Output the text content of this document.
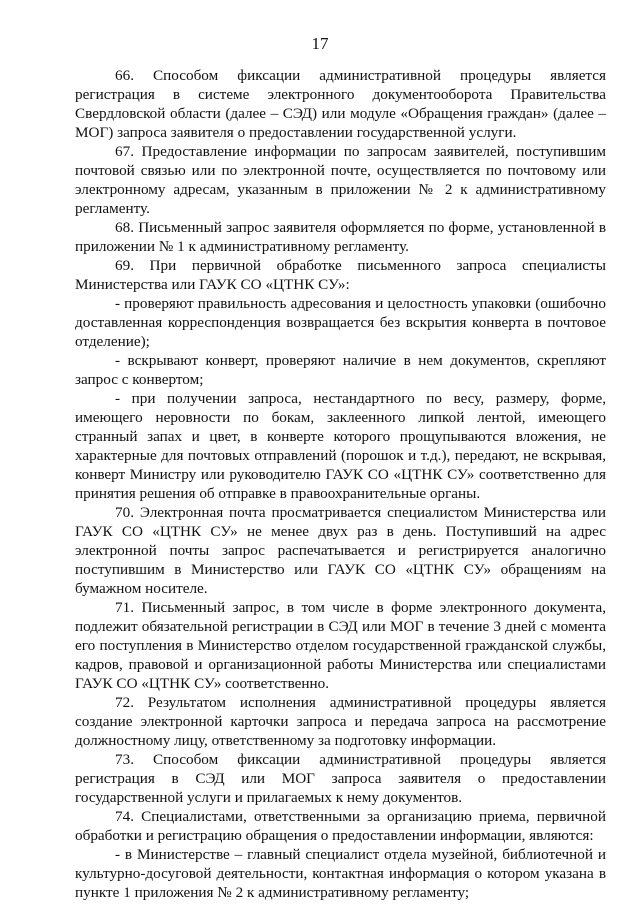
17

66. Способом фиксации административной процедуры является регистрация в системе электронного документооборота Правительства Свердловской области (далее – СЭД) или модуле «Обращения граждан» (далее – МОГ) запроса заявителя о предоставлении государственной услуги.

67. Предоставление информации по запросам заявителей, поступившим почтовой связью или по электронной почте, осуществляется по почтовому или электронному адресам, указанным в приложении № 2 к административному регламенту.

68. Письменный запрос заявителя оформляется по форме, установленной в приложении № 1 к административному регламенту.

69. При первичной обработке письменного запроса специалисты Министерства или ГАУК СО «ЦТНК СУ»:

- проверяют правильность адресования и целостность упаковки (ошибочно доставленная корреспонденция возвращается без вскрытия конверта в почтовое отделение);

- вскрывают конверт, проверяют наличие в нем документов, скрепляют запрос с конвертом;

- при получении запроса, нестандартного по весу, размеру, форме, имеющего неровности по бокам, заклеенного липкой лентой, имеющего странный запах и цвет, в конверте которого прощупываются вложения, не характерные для почтовых отправлений (порошок и т.д.), передают, не вскрывая, конверт Министру или руководителю ГАУК СО «ЦТНК СУ» соответственно для принятия решения об отправке в правоохранительные органы.

70. Электронная почта просматривается специалистом Министерства или ГАУК СО «ЦТНК СУ» не менее двух раз в день. Поступивший на адрес электронной почты запрос распечатывается и регистрируется аналогично поступившим в Министерство или ГАУК СО «ЦТНК СУ» обращениям на бумажном носителе.

71. Письменный запрос, в том числе в форме электронного документа, подлежит обязательной регистрации в СЭД или МОГ в течение 3 дней с момента его поступления в Министерство отделом государственной гражданской службы, кадров, правовой и организационной работы Министерства или специалистами ГАУК СО «ЦТНК СУ» соответственно.

72. Результатом исполнения административной процедуры является создание электронной карточки запроса и передача запроса на рассмотрение должностному лицу, ответственному за подготовку информации.

73. Способом фиксации административной процедуры является регистрация в СЭД или МОГ запроса заявителя о предоставлении государственной услуги и прилагаемых к нему документов.

74. Специалистами, ответственными за организацию приема, первичной обработки и регистрацию обращения о предоставлении информации, являются:

- в Министерстве – главный специалист отдела музейной, библиотечной и культурно-досуговой деятельности, контактная информация о котором указана в пункте 1 приложения № 2 к административному регламенту;
